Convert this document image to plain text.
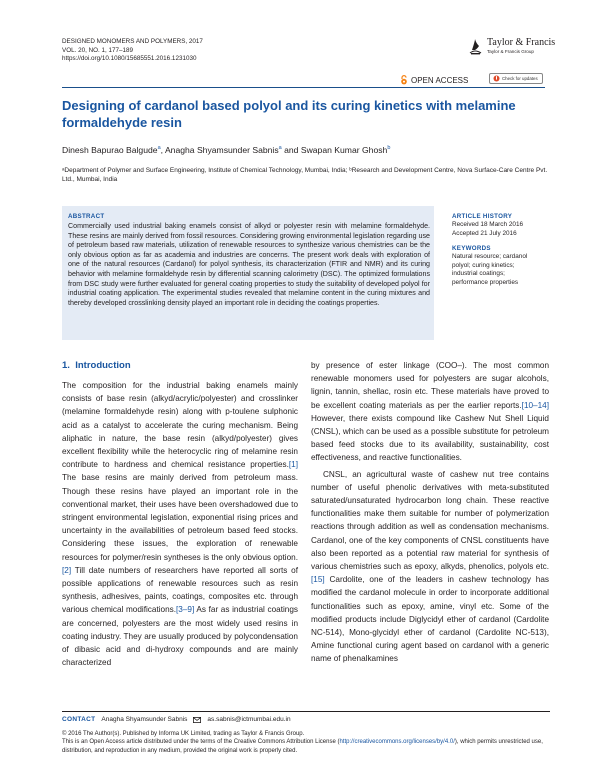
DESIGNED MONOMERS AND POLYMERS, 2017
VOL. 20, NO. 1, 177–189
https://doi.org/10.1080/15685551.2016.1231030
Taylor & Francis
Taylor & Francis Group
OPEN ACCESS	Check for updates
Designing of cardanol based polyol and its curing kinetics with melamine formaldehyde resin
Dinesh Bapurao Balgude$^a$, Anagha Shyamsunder Sabnis$^a$ and Swapan Kumar Ghosh$^b$
ᵃDepartment of Polymer and Surface Engineering, Institute of Chemical Technology, Mumbai, India; ᵇResearch and Development Centre, Nova Surface-Care Centre Pvt. Ltd., Mumbai, India
ABSTRACT
Commercially used industrial baking enamels consist of alkyd or polyester resin with melamine formaldehyde. These resins are mainly derived from fossil resources. Considering growing environmental legislation regarding use of petroleum based raw materials, utilization of renewable resources to synthesize various chemistries can be the only obvious option as far as academia and industries are concerns. The present work deals with exploration of one of the natural resources (Cardanol) for polyol synthesis, its characterization (FTIR and NMR) and its curing behavior with melamine formaldehyde resin by differential scanning calorimetry (DSC). The optimized formulations from DSC study were further evaluated for general coating properties to study the suitability of developed polyol for industrial coating application. The experimental studies revealed that melamine content in the curing mixtures and thereby developed crosslinking density played an important role in deciding the coatings properties.
ARTICLE HISTORY
Received 18 March 2016
Accepted 21 July 2016
KEYWORDS
Natural resource; cardanol
polyol; curing kinetics;
industrial coatings;
performance properties
1. Introduction

The composition for the industrial baking enamels mainly consists of base resin (alkyd/acrylic/polyester) and crosslinker (melamine formaldehyde resin) along with p-toulene sulphonic acid as a catalyst to accelerate the curing mechanism. Being aliphatic in nature, the base resin (alkyd/polyester) gives excellent flexibility while the heterocyclic ring of melamine resin contribute to hardness and chemical resistance properties.[1] The base resins are mainly derived from petroleum mass. Though these resins have played an important role in the conventional market, their uses have been overshadowed due to stringent environmental legislation, exponential rising prices and uncertainty in the availabilities of petroleum based feed stocks. Considering these issues, the exploration of renewable resources for polymer/resin syntheses is the only obvious option.[2] Till date numbers of researchers have reported all sorts of possible applications of renewable resources such as resin synthesis, adhesives, paints, coatings, composites etc. through various chemical modifications.[3–9] As far as industrial coatings are concerned, polyesters are the most widely used resins in coating industry. They are usually produced by polycondensation of dibasic acid and di-hydroxy compounds and are mainly characterized

by presence of ester linkage (COO–). The most common renewable monomers used for polyesters are sugar alcohols, lignin, tannin, shellac, rosin etc. These materials have proved to be excellent coating materials as per the earlier reports.[10–14] However, there exists compound like Cashew Nut Shell Liquid (CNSL), which can be used as a possible substitute for petroleum based feed stocks due to its availability, sustainability, cost effectiveness, and reactive functionalities.

CNSL, an agricultural waste of cashew nut tree contains number of useful phenolic derivatives with meta-substituted saturated/unsaturated hydrocarbon long chain. These reactive functionalities make them suitable for number of polymerization reactions through addition as well as condensation mechanisms. Cardanol, one of the key components of CNSL constituents have also been reported as a potential raw material for synthesis of various chemistries such as epoxy, alkyds, phenolics, polyols etc.[15] Cardolite, one of the leaders in cashew technology has modified the cardanol molecule in order to incorporate additional functionalities such as epoxy, amine, vinyl etc. Some of the modified products include Diglycidyl ether of cardanol (Cardolite NC-514), Mono-glycidyl ether of cardanol (Cardolite NC-513), Amine functional curing agent based on cardanol with a generic name of phenalkamines

CONTACT Anagha Shyamsunder Sabnis	as.sabnis@ictmumbai.edu.in
© 2016 The Author(s). Published by Informa UK Limited, trading as Taylor & Francis Group.
This is an Open Access article distributed under the terms of the Creative Commons Attribution License (http://creativecommons.org/licenses/by/4.0/), which permits unrestricted use, distribution, and reproduction in any medium, provided the original work is properly cited.
